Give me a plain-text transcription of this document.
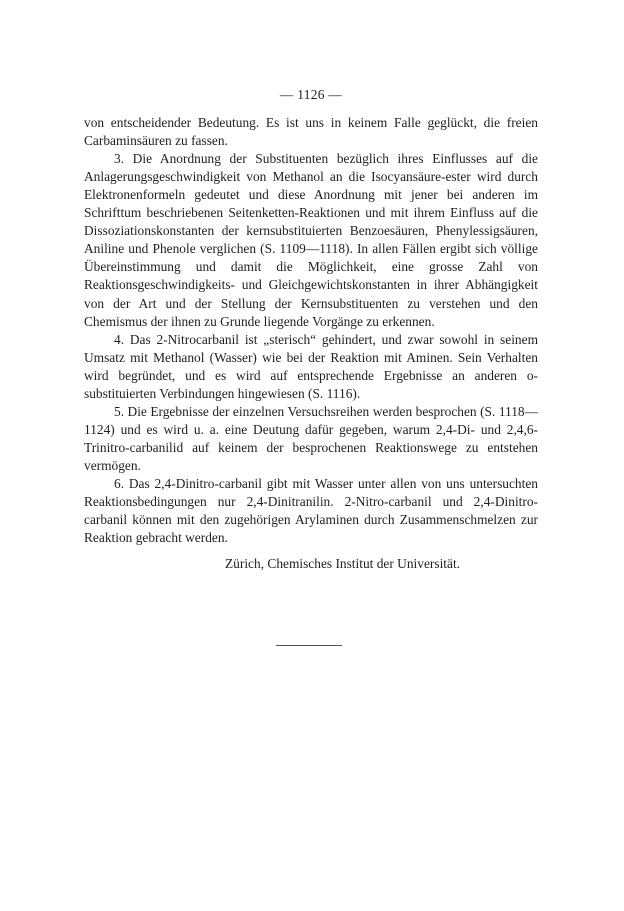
— 1126 —

von entscheidender Bedeutung. Es ist uns in keinem Falle geglückt, die freien Carbaminsäuren zu fassen.

3. Die Anordnung der Substituenten bezüglich ihres Einflusses auf die Anlagerungsgeschwindigkeit von Methanol an die Isocyansäure-ester wird durch Elektronenformeln gedeutet und diese Anordnung mit jener bei anderen im Schrifttum beschriebenen Seitenketten-Reaktionen und mit ihrem Einfluss auf die Dissoziationskonstanten der kernsubstituierten Benzoesäuren, Phenylessigsäuren, Aniline und Phenole verglichen (S. 1109—1118). In allen Fällen ergibt sich völlige Übereinstimmung und damit die Möglichkeit, eine grosse Zahl von Reaktionsgeschwindigkeits- und Gleichgewichtskonstanten in ihrer Abhängigkeit von der Art und der Stellung der Kernsubstituenten zu verstehen und den Chemismus der ihnen zu Grunde liegende Vorgänge zu erkennen.

4. Das 2-Nitrocarbanil ist „sterisch“ gehindert, und zwar sowohl in seinem Umsatz mit Methanol (Wasser) wie bei der Reaktion mit Aminen. Sein Verhalten wird begründet, und es wird auf entsprechende Ergebnisse an anderen o-substituierten Verbindungen hingewiesen (S. 1116).

5. Die Ergebnisse der einzelnen Versuchsreihen werden besprochen (S. 1118—1124) und es wird u. a. eine Deutung dafür gegeben, warum 2,4-Di- und 2,4,6-Trinitro-carbanilid auf keinem der besprochenen Reaktionswege zu entstehen vermögen.

6. Das 2,4-Dinitro-carbanil gibt mit Wasser unter allen von uns untersuchten Reaktionsbedingungen nur 2,4-Dinitranilin. 2-Nitro-carbanil und 2,4-Dinitro-carbanil können mit den zugehörigen Arylaminen durch Zusammenschmelzen zur Reaktion gebracht werden.

Zürich, Chemisches Institut der Universität.
